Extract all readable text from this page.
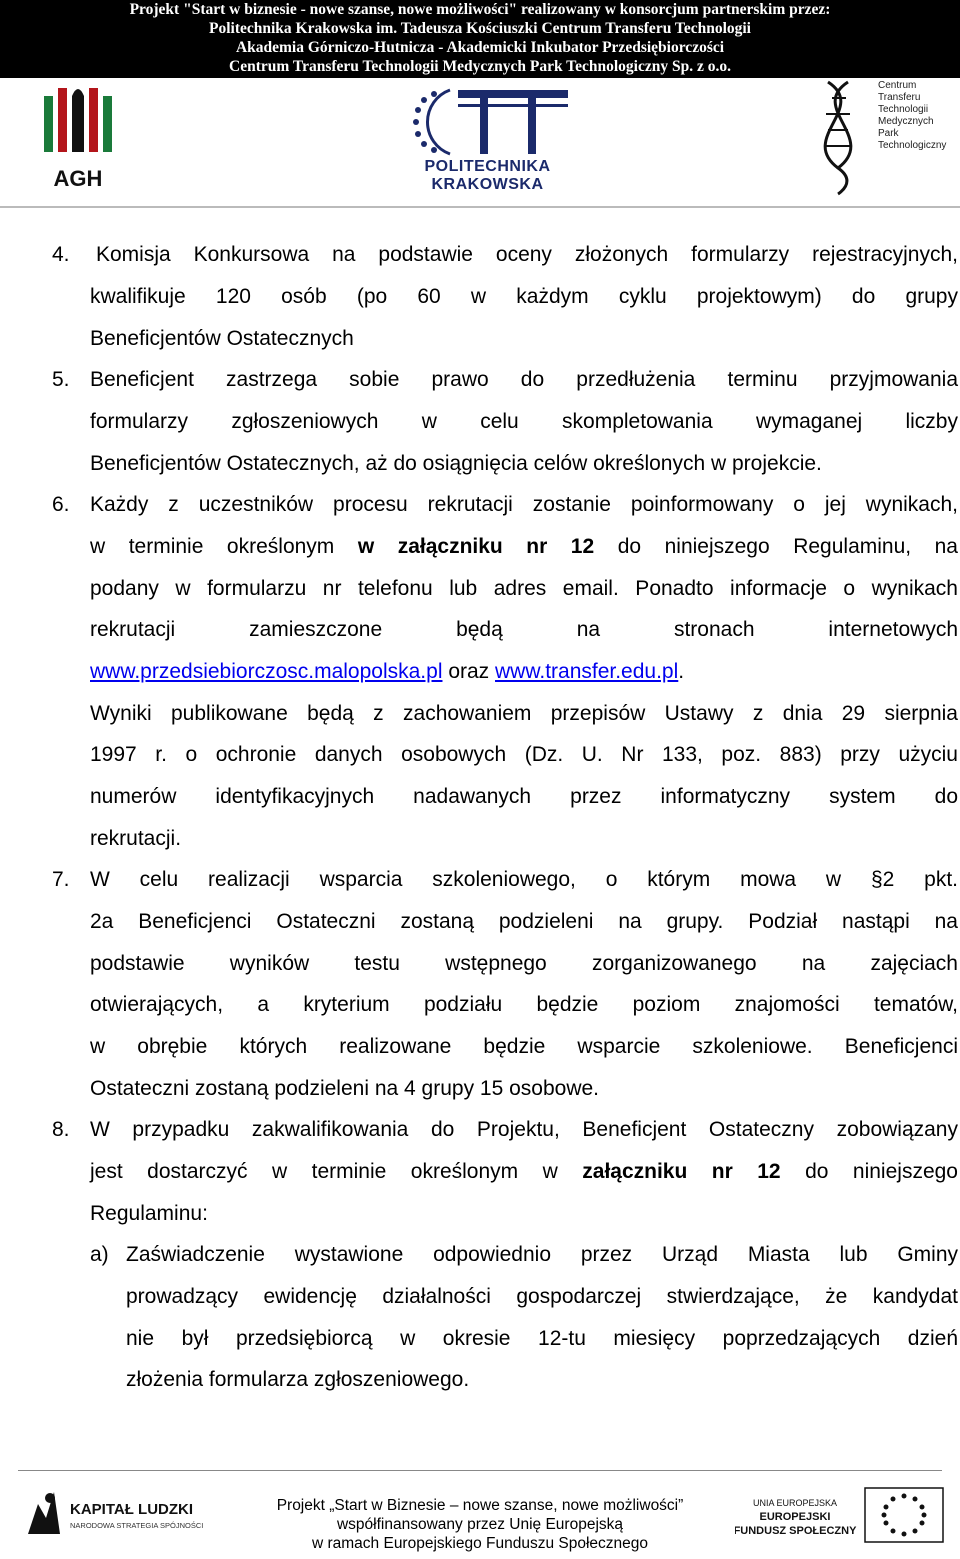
Projekt "Start w biznesie - nowe szanse, nowe możliwości" realizowany w konsorcjum partnerskim przez:
Politechnika Krakowska im. Tadeusza Kościuszki Centrum Transferu Technologii
Akademia Górniczo-Hutnicza - Akademicki Inkubator Przedsiębiorczości
Centrum Transferu Technologii Medycznych Park Technologiczny Sp. z o.o.
AGH	POLITECHNIKA
KRAKOWSKA
Centrum
Transferu
Technologii
Medycznych
Park
Technologiczny
4.	Komisja Konkursowa na podstawie oceny złożonych formularzy rejestracyjnych,
kwalifikuje 120 osób (po 60 w każdym cyklu projektowym) do grupy
Beneficjentów Ostatecznych
5. Beneficjent zastrzega sobie prawo do przedłużenia terminu przyjmowania
formularzy zgłoszeniowych w celu skompletowania wymaganej liczby
Beneficjentów Ostatecznych, aż do osiągnięcia celów określonych w projekcie.
6. Każdy z uczestników procesu rekrutacji zostanie poinformowany o jej wynikach,
w terminie określonym w załączniku nr 12 do niniejszego Regulaminu, na
podany w formularzu nr telefonu lub adres email. Ponadto informacje o wynikach
rekrutacji zamieszczone będą na stronach internetowych
www.przedsiebiorczosc.malopolska.pl oraz www.transfer.edu.pl.
Wyniki publikowane będą z zachowaniem przepisów Ustawy z dnia 29 sierpnia
1997 r. o ochronie danych osobowych (Dz. U. Nr 133, poz. 883) przy użyciu
numerów identyfikacyjnych nadawanych przez informatyczny system do
rekrutacji.
7. W celu realizacji wsparcia szkoleniowego, o którym mowa w §2 pkt.
2a Beneficjenci Ostateczni zostaną podzieleni na grupy. Podział nastąpi na
podstawie wyników testu wstępnego zorganizowanego na zajęciach
otwierających, a kryterium podziału będzie poziom znajomości tematów,
w obrębie których realizowane będzie wsparcie szkoleniowe. Beneficjenci
Ostateczni zostaną podzieleni na 4 grupy 15 osobowe.
8. W przypadku zakwalifikowania do Projektu, Beneficjent Ostateczny zobowiązany
jest dostarczyć w terminie określonym w załączniku nr 12 do niniejszego
Regulaminu:
a) Zaświadczenie wystawione odpowiednio przez Urząd Miasta lub Gminy
prowadzący ewidencję działalności gospodarczej stwierdzające, że kandydat
nie był przedsiębiorcą w okresie 12-tu miesięcy poprzedzających dzień
złożenia formularza zgłoszeniowego.
KAPITAŁ LUDZKI
NARODOWA STRATEGIA SPÓJNOŚCI
Projekt „Start w Biznesie – nowe szanse, nowe możliwości”
współfinansowany przez Unię Europejską
w ramach Europejskiego Funduszu Społecznego
UNIA EUROPEJSKA
EUROPEJSKI
FUNDUSZ SPOŁECZNY
